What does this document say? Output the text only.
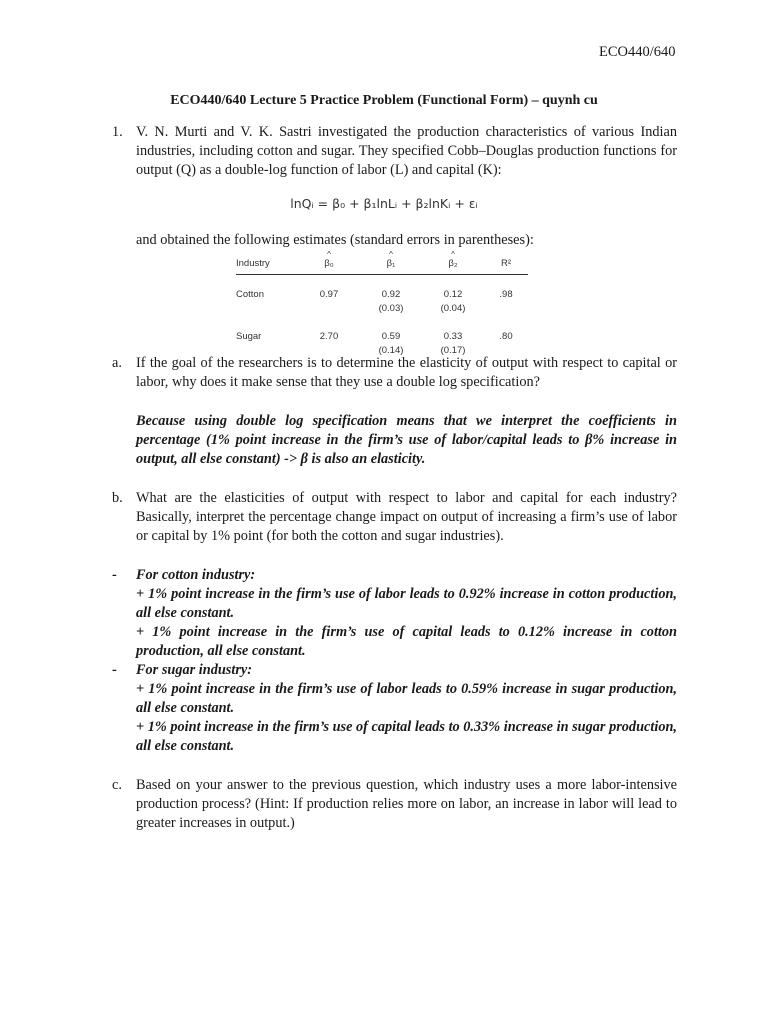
ECO440/640
ECO440/640 Lecture 5 Practice Problem (Functional Form) – quynh cu
1. V. N. Murti and V. K. Sastri investigated the production characteristics of various Indian industries, including cotton and sugar. They specified Cobb–Douglas production functions for output (Q) as a double-log function of labor (L) and capital (K):
lnQᵢ = β₀ + β₁lnLᵢ + β₂lnKᵢ + εᵢ
and obtained the following estimates (standard errors in parentheses):
Industry	^ β₀	^ β₁	^ β₂	R²

Cotton	0.97	0.92	0.12	.98
		(0.03)	(0.04)	

Sugar	2.70	0.59	0.33	.80
		(0.14)	(0.17)	
a. If the goal of the researchers is to determine the elasticity of output with respect to capital or labor, why does it make sense that they use a double log specification?
Because using double log specification means that we interpret the coefficients in percentage (1% point increase in the firm’s use of labor/capital leads to β% increase in output, all else constant) -> β is also an elasticity.
b. What are the elasticities of output with respect to labor and capital for each industry? Basically, interpret the percentage change impact on output of increasing a firm’s use of labor or capital by 1% point (for both the cotton and sugar industries).
- For cotton industry:
+ 1% point increase in the firm’s use of labor leads to 0.92% increase in cotton production, all else constant.
+ 1% point increase in the firm’s use of capital leads to 0.12% increase in cotton production, all else constant.
- For sugar industry:
+ 1% point increase in the firm’s use of labor leads to 0.59% increase in sugar production, all else constant.
+ 1% point increase in the firm’s use of capital leads to 0.33% increase in sugar production, all else constant.
c. Based on your answer to the previous question, which industry uses a more labor-intensive production process? (Hint: If production relies more on labor, an increase in labor will lead to greater increases in output.)
